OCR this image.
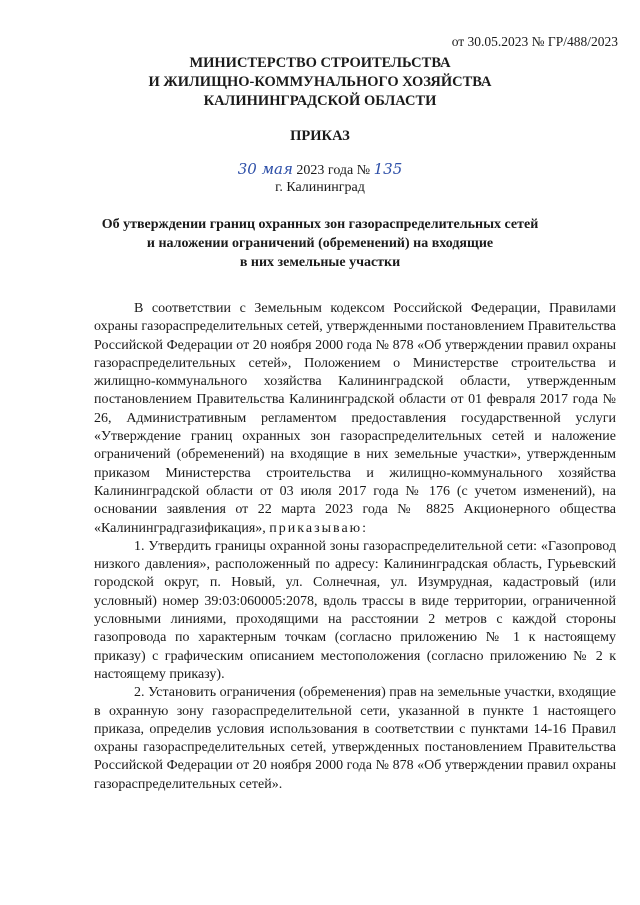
от 30.05.2023 № ГР/488/2023
МИНИСТЕРСТВО СТРОИТЕЛЬСТВА
И ЖИЛИЩНО-КОММУНАЛЬНОГО ХОЗЯЙСТВА
КАЛИНИНГРАДСКОЙ ОБЛАСТИ
ПРИКАЗ
30 мая 2023 года № 135
г. Калининград
Об утверждении границ охранных зон газораспределительных сетей
и наложении ограничений (обременений) на входящие
в них земельные участки

В соответствии с Земельным кодексом Российской Федерации, Правилами охраны газораспределительных сетей, утвержденными постановлением Правительства Российской Федерации от 20 ноября 2000 года № 878 «Об утверждении правил охраны газораспределительных сетей», Положением о Министерстве строительства и жилищно-коммунального хозяйства Калининградской области, утвержденным постановлением Правительства Калининградской области от 01 февраля 2017 года № 26, Административным регламентом предоставления государственной услуги «Утверждение границ охранных зон газораспределительных сетей и наложение ограничений (обременений) на входящие в них земельные участки», утвержденным приказом Министерства строительства и жилищно-коммунального хозяйства Калининградской области от 03 июля 2017 года № 176 (с учетом изменений), на основании заявления от 22 марта 2023 года № 8825 Акционерного общества «Калининградгазификация», приказываю:

1. Утвердить границы охранной зоны газораспределительной сети: «Газопровод низкого давления», расположенный по адресу: Калининградская область, Гурьевский городской округ, п. Новый, ул. Солнечная, ул. Изумрудная, кадастровый (или условный) номер 39:03:060005:2078, вдоль трассы в виде территории, ограниченной условными линиями, проходящими на расстоянии 2 метров с каждой стороны газопровода по характерным точкам (согласно приложению № 1 к настоящему приказу) с графическим описанием местоположения (согласно приложению № 2 к настоящему приказу).

2. Установить ограничения (обременения) прав на земельные участки, входящие в охранную зону газораспределительной сети, указанной в пункте 1 настоящего приказа, определив условия использования в соответствии с пунктами 14-16 Правил охраны газораспределительных сетей, утвержденных постановлением Правительства Российской Федерации от 20 ноября 2000 года № 878 «Об утверждении правил охраны газораспределительных сетей».
